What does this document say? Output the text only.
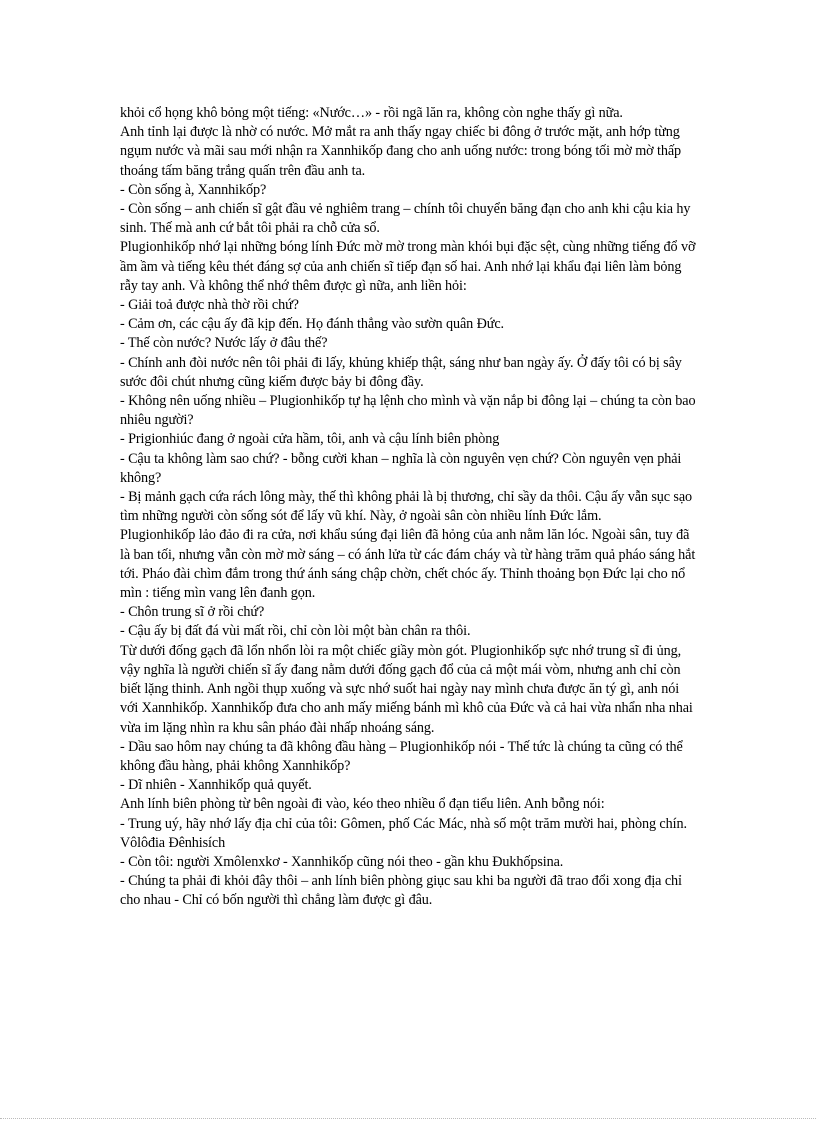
khỏi cổ họng khô bỏng một tiếng: «Nước…» - rồi ngã lăn ra, không còn nghe thấy gì nữa.

Anh tỉnh lại được là nhờ có nước. Mở mắt ra anh thấy ngay chiếc bi đông ở trước mặt, anh hớp từng ngụm nước và mãi sau mới nhận ra Xannhikốp đang cho anh uống nước: trong bóng tối mờ mờ thấp thoáng tấm băng trắng quấn trên đầu anh ta.

- Còn sống à, Xannhikốp?

- Còn sống – anh chiến sĩ gật đầu vẻ nghiêm trang – chính tôi chuyển băng đạn cho anh khi cậu kia hy sinh. Thế mà anh cứ bắt tôi phải ra chỗ cửa sổ.

Plugionhikốp nhớ lại những bóng lính Đức mờ mờ trong màn khói bụi đặc sệt, cùng những tiếng đổ vỡ ầm ầm và tiếng kêu thét đáng sợ của anh chiến sĩ tiếp đạn số hai. Anh nhớ lại khẩu đại liên làm bỏng rẫy tay anh. Và không thể nhớ thêm được gì nữa, anh liền hỏi:

- Giải toả được nhà thờ rồi chứ?

- Cảm ơn, các cậu ấy đã kịp đến. Họ đánh thẳng vào sườn quân Đức.

- Thế còn nước? Nước lấy ở đâu thế?

- Chính anh đòi nước nên tôi phải đi lấy, khủng khiếp thật, sáng như ban ngày ấy. Ở đấy tôi có bị sây sước đôi chút nhưng cũng kiếm được bảy bi đông đầy.

- Không nên uống nhiều – Plugionhikốp tự hạ lệnh cho mình và vặn nắp bi đông lại – chúng ta còn bao nhiêu người?

- Prigionhiúc đang ở ngoài cửa hầm, tôi, anh và cậu lính biên phòng

- Cậu ta không làm sao chứ? - bỗng cười khan – nghĩa là còn nguyên vẹn chứ? Còn nguyên vẹn phải không?

- Bị mảnh gạch cứa rách lông mày, thế thì không phải là bị thương, chỉ sầy da thôi. Cậu ấy vẫn sục sạo tìm những người còn sống sót để lấy vũ khí. Này, ở ngoài sân còn nhiều lính Đức lắm.

Plugionhikốp lảo đảo đi ra cửa, nơi khẩu súng đại liên đã hỏng của anh nằm lăn lóc. Ngoài sân, tuy đã là ban tối, nhưng vẫn còn mờ mờ sáng – có ánh lửa từ các đám cháy và từ hàng trăm quả pháo sáng hắt tới. Pháo đài chìm đắm trong thứ ánh sáng chập chờn, chết chóc ấy. Thỉnh thoảng bọn Đức lại cho nổ mìn : tiếng mìn vang lên đanh gọn.

- Chôn trung sĩ ở rồi chứ?

- Cậu ấy bị đất đá vùi mất rồi, chỉ còn lòi một bàn chân ra thôi.

Từ dưới đống gạch đã lổn nhổn lòi ra một chiếc giầy mòn gót. Plugionhikốp sực nhớ trung sĩ đi ủng, vậy nghĩa là người chiến sĩ ấy đang nằm dưới đống gạch đổ của cả một mái vòm, nhưng anh chỉ còn biết lặng thinh. Anh ngồi thụp xuống và sực nhớ suốt hai ngày nay mình chưa được ăn tý gì, anh nói với Xannhikốp. Xannhikốp đưa cho anh mấy miếng bánh mì khô của Đức và cả hai vừa nhẩn nha nhai vừa im lặng nhìn ra khu sân pháo đài nhấp nhoáng sáng.

- Dầu sao hôm nay chúng ta đã không đầu hàng – Plugionhikốp nói - Thế tức là chúng ta cũng có thể không đầu hàng, phải không Xannhikốp?

- Dĩ nhiên - Xannhikốp quả quyết.

Anh lính biên phòng từ bên ngoài đi vào, kéo theo nhiều ổ đạn tiểu liên. Anh bỗng nói:

- Trung uý, hãy nhớ lấy địa chỉ của tôi: Gômen, phố Các Mác, nhà số một trăm mười hai, phòng chín. Vôlôđia Đênhisích

- Còn tôi: người Xmôlenxkơ - Xannhikốp cũng nói theo - gần khu Đukhốpsina.

- Chúng ta phải đi khỏi đây thôi – anh lính biên phòng giục sau khi ba người đã trao đổi xong địa chỉ cho nhau - Chỉ có bốn người thì chẳng làm được gì đâu.
